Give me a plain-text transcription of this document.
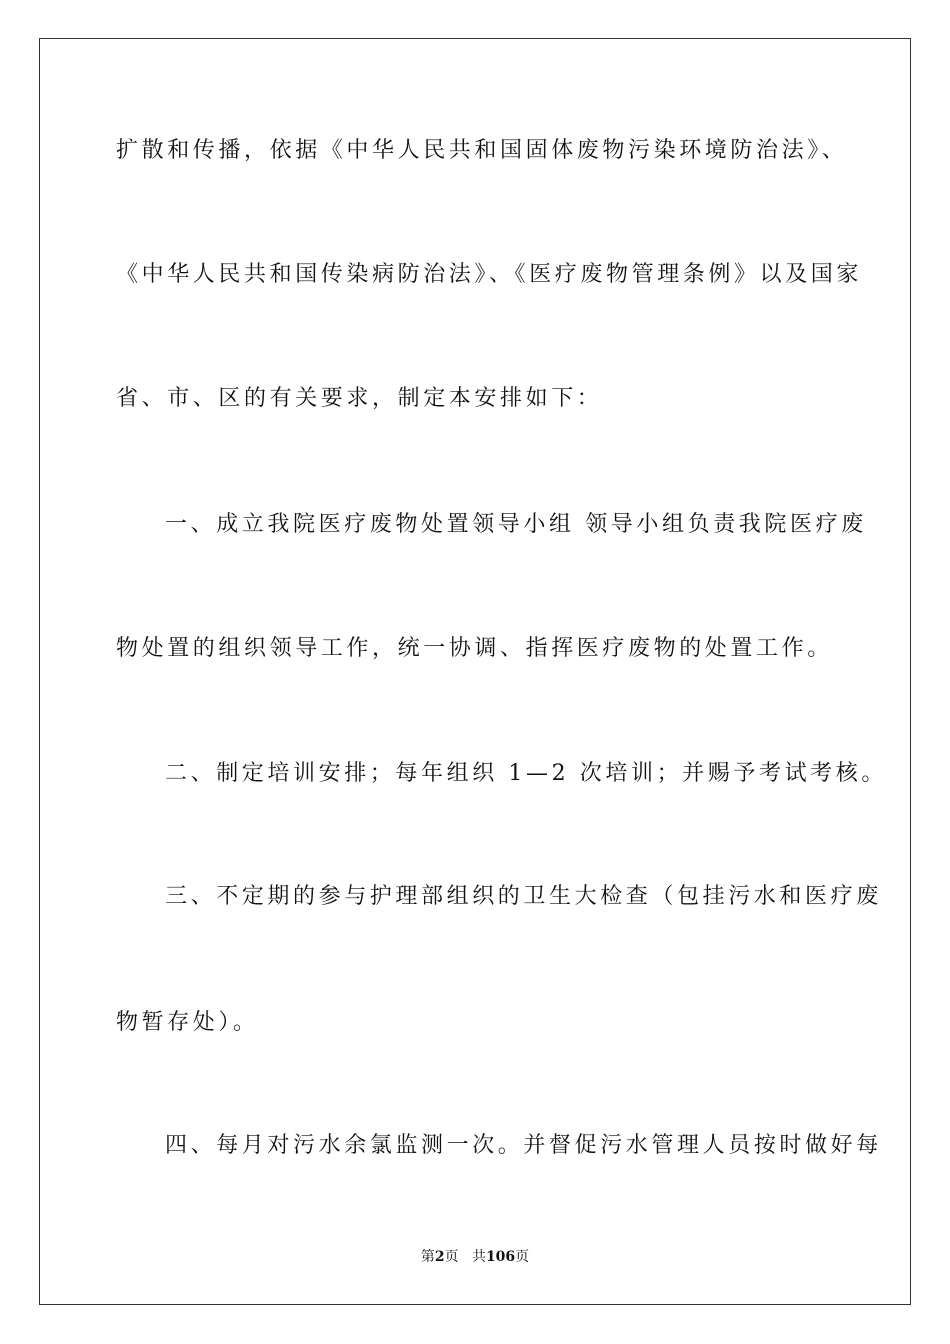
扩散和传播，依据《中华人民共和国固体废物污染环境防治法》、
《中华人民共和国传染病防治法》、《医疗废物管理条例》以及国家
省、市、区的有关要求，制定本安排如下：
一、成立我院医疗废物处置领导小组 领导小组负责我院医疗废
物处置的组织领导工作，统一协调、指挥医疗废物的处置工作。
二、制定培训安排；每年组织 1—2 次培训；并赐予考试考核。
三、不定期的参与护理部组织的卫生大检查（包挂污水和医疗废
物暂存处）。
四、每月对污水余氯监测一次。并督促污水管理人员按时做好每
第2页 共106页
